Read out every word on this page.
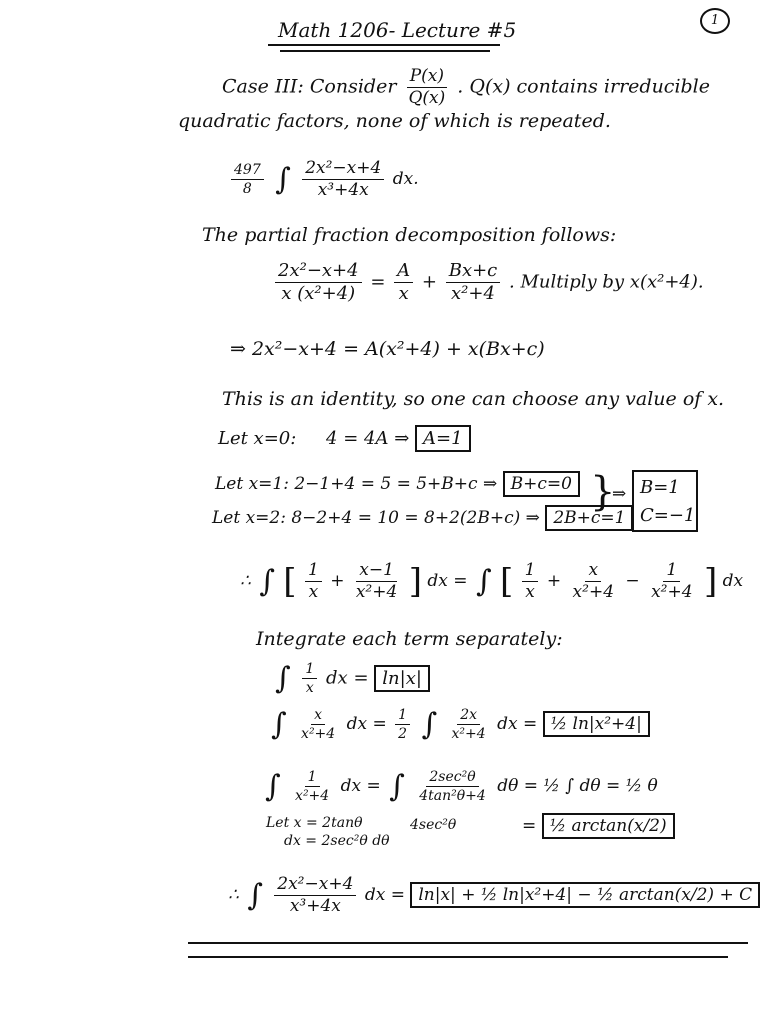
Math 1206- Lecture #5	1
Case III: Consider $\frac{P(x)}{Q(x)}$ . Q(x) contains irreducible
quadratic factors, none of which is repeated.
$\frac{497}{8}$ ∫ $\frac{\text{2x²−x+4}}{\text{x³+4x}}$ dx.
The partial fraction decomposition follows:
$\frac{\text{2x²−x+4}}{\text{x (x²+4)}} = \frac{A}{x} + \frac{Bx+c}{\text{x²+4}}$ . Multiply by x(x²+4).
⇒ 2x²−x+4 = A(x²+4) + x(Bx+c)
This is an identity, so one can choose any value of x.
Let x=0: 4 = 4A ⇒ A=1
Let x=1: 2−1+4 = 5 = 5+B+c ⇒ B+c=0
Let x=2: 8−2+4 = 10 = 8+2(2B+c) ⇒ 2B+c=1
}
⇒ B=1
C=−1
∴ ∫ [ $\frac{1}{x} + \frac{x-1}{\text{x²+4}}$ ] dx = ∫ [ $\frac{1}{x} + \frac{x}{\text{x²+4}} - \frac{1}{\text{x²+4}}$ ] dx
Integrate each term separately:
∫ $\frac{1}{x}$ dx = ln|x|
∫ $\frac{x}{\text{x²+4}}$ dx = $\frac{1}{2}$ ∫ $\frac{2x}{\text{x²+4}}$ dx = ½ ln|x²+4|
∫ $\frac{1}{\text{x²+4}}$ dx = ∫ $\frac{\text{2sec²θ}}{\text{4tan²θ+4}}$ dθ = ½ ∫ dθ = ½ θ
Let x = 2tanθ
dx = 2sec²θ dθ
4sec²θ	= ½ arctan(x/2)
∴ ∫ $\frac{\text{2x²−x+4}}{\text{x³+4x}}$ dx = ln|x| + ½ ln|x²+4| − ½ arctan(x/2) + C
